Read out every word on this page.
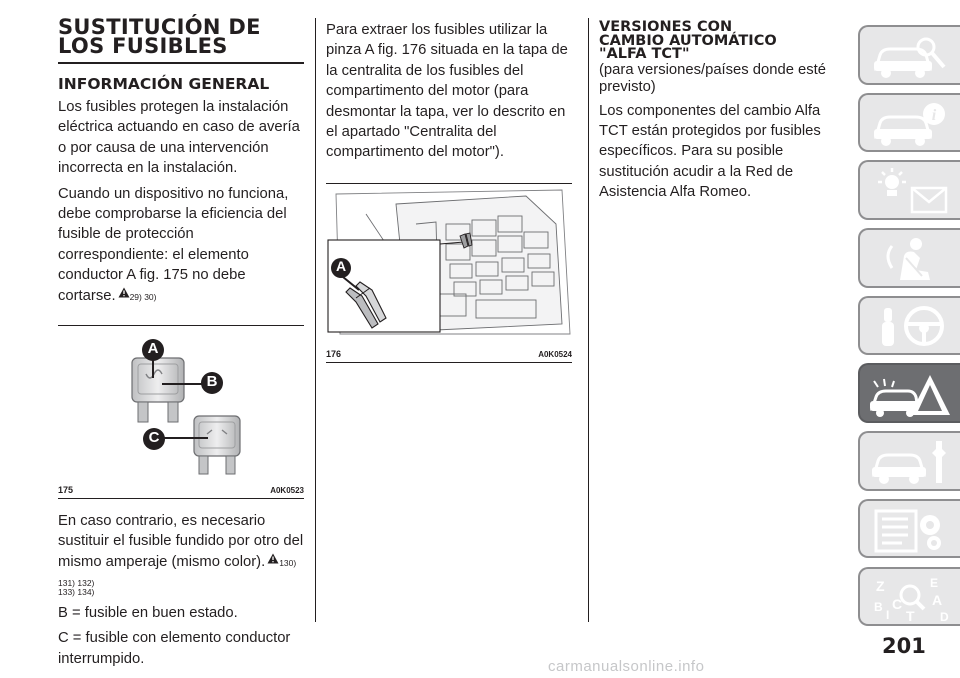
SUSTITUCIÓN DE
LOS FUSIBLES
INFORMACIÓN GENERAL

Los fusibles protegen la instalación eléctrica actuando en caso de avería o por causa de una intervención incorrecta en la instalación.

Cuando un dispositivo no funciona, debe comprobarse la eficiencia del fusible de protección correspondiente: el elemento conductor A fig. 175 no debe cortarse. 29) 30)

A
B
C
175	A0K0523

En caso contrario, es necesario sustituir el fusible fundido por otro del mismo amperaje (mismo color). 130) 131) 132)

133) 134)

B = fusible en buen estado.

C = fusible con elemento conductor interrumpido.

Para extraer los fusibles utilizar la pinza A fig. 176 situada en la tapa de la centralita de los fusibles del compartimento del motor (para desmontar la tapa, ver lo descrito en el apartado "Centralita del compartimento del motor").

A
176	A0K0524
VERSIONES CON
CAMBIO AUTOMÁTICO
"ALFA TCT"

(para versiones/países donde esté previsto)

Los componentes del cambio Alfa TCT están protegidos por fusibles específicos. Para su posible sustitución acudir a la Red de Asistencia Alfa Romeo.

i
Z	E
B	A
C
T D
I
201
carmanualsonline.info
